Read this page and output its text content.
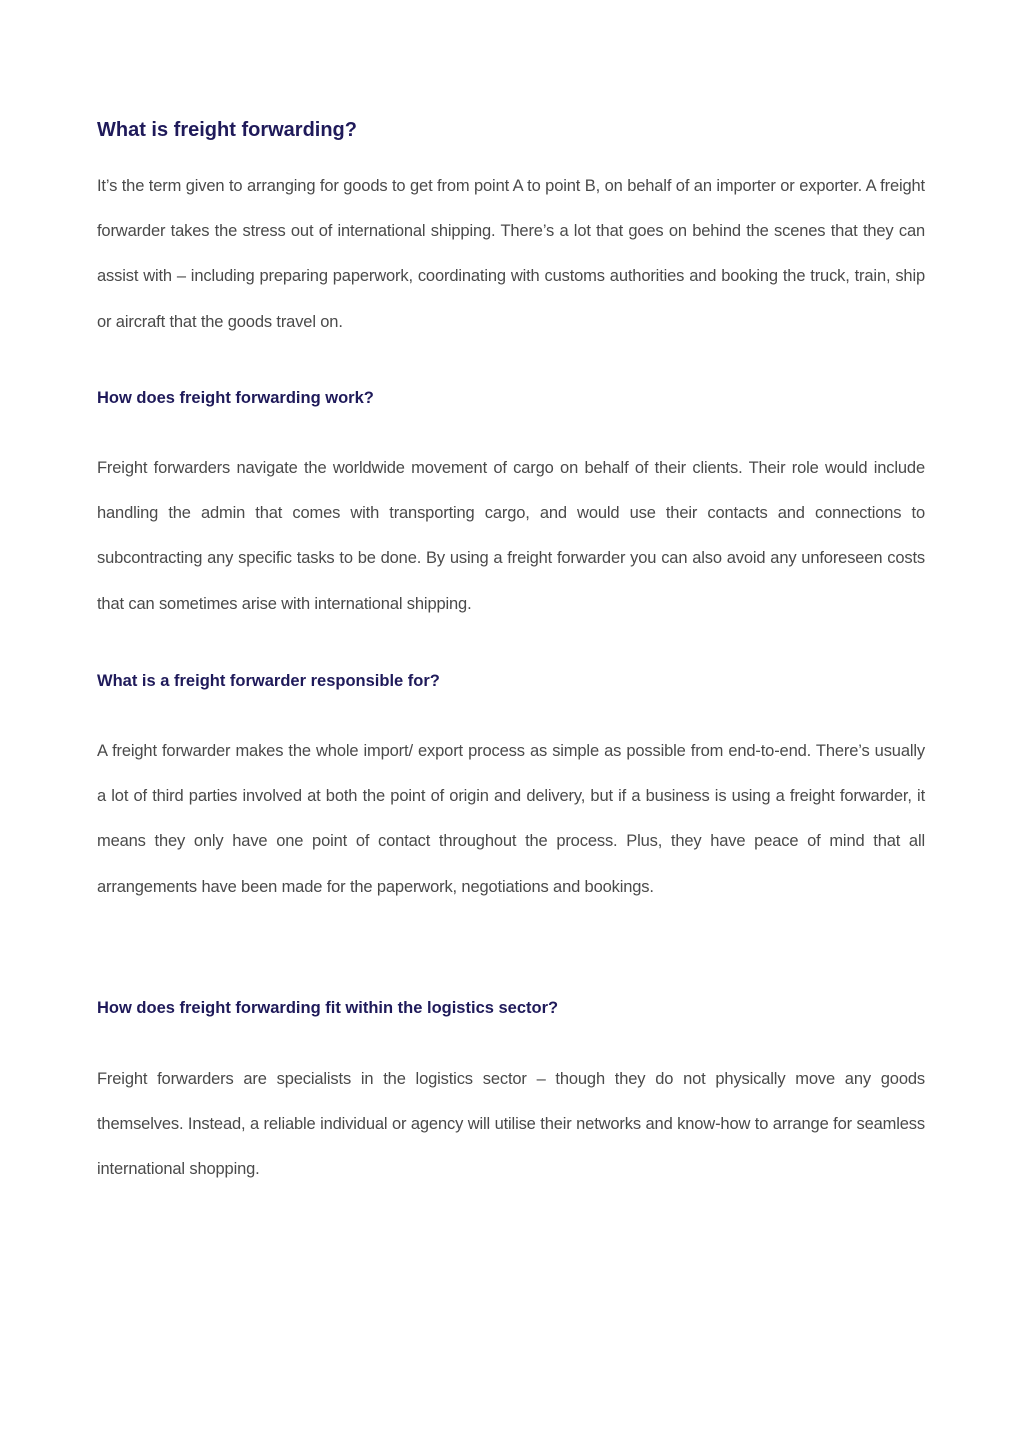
What is freight forwarding?

It’s the term given to arranging for goods to get from point A to point B, on behalf of an importer or exporter. A freight forwarder takes the stress out of international shipping. There’s a lot that goes on behind the scenes that they can assist with – including preparing paperwork, coordinating with customs authorities and booking the truck, train, ship or aircraft that the goods travel on.

How does freight forwarding work?

Freight forwarders navigate the worldwide movement of cargo on behalf of their clients. Their role would include handling the admin that comes with transporting cargo, and would use their contacts and connections to subcontracting any specific tasks to be done. By using a freight forwarder you can also avoid any unforeseen costs that can sometimes arise with international shipping.

What is a freight forwarder responsible for?

A freight forwarder makes the whole import/ export process as simple as possible from end-to-end. There’s usually a lot of third parties involved at both the point of origin and delivery, but if a business is using a freight forwarder, it means they only have one point of contact throughout the process. Plus, they have peace of mind that all arrangements have been made for the paperwork, negotiations and bookings.

How does freight forwarding fit within the logistics sector?

Freight forwarders are specialists in the logistics sector – though they do not physically move any goods themselves. Instead, a reliable individual or agency will utilise their networks and know-how to arrange for seamless international shopping.
